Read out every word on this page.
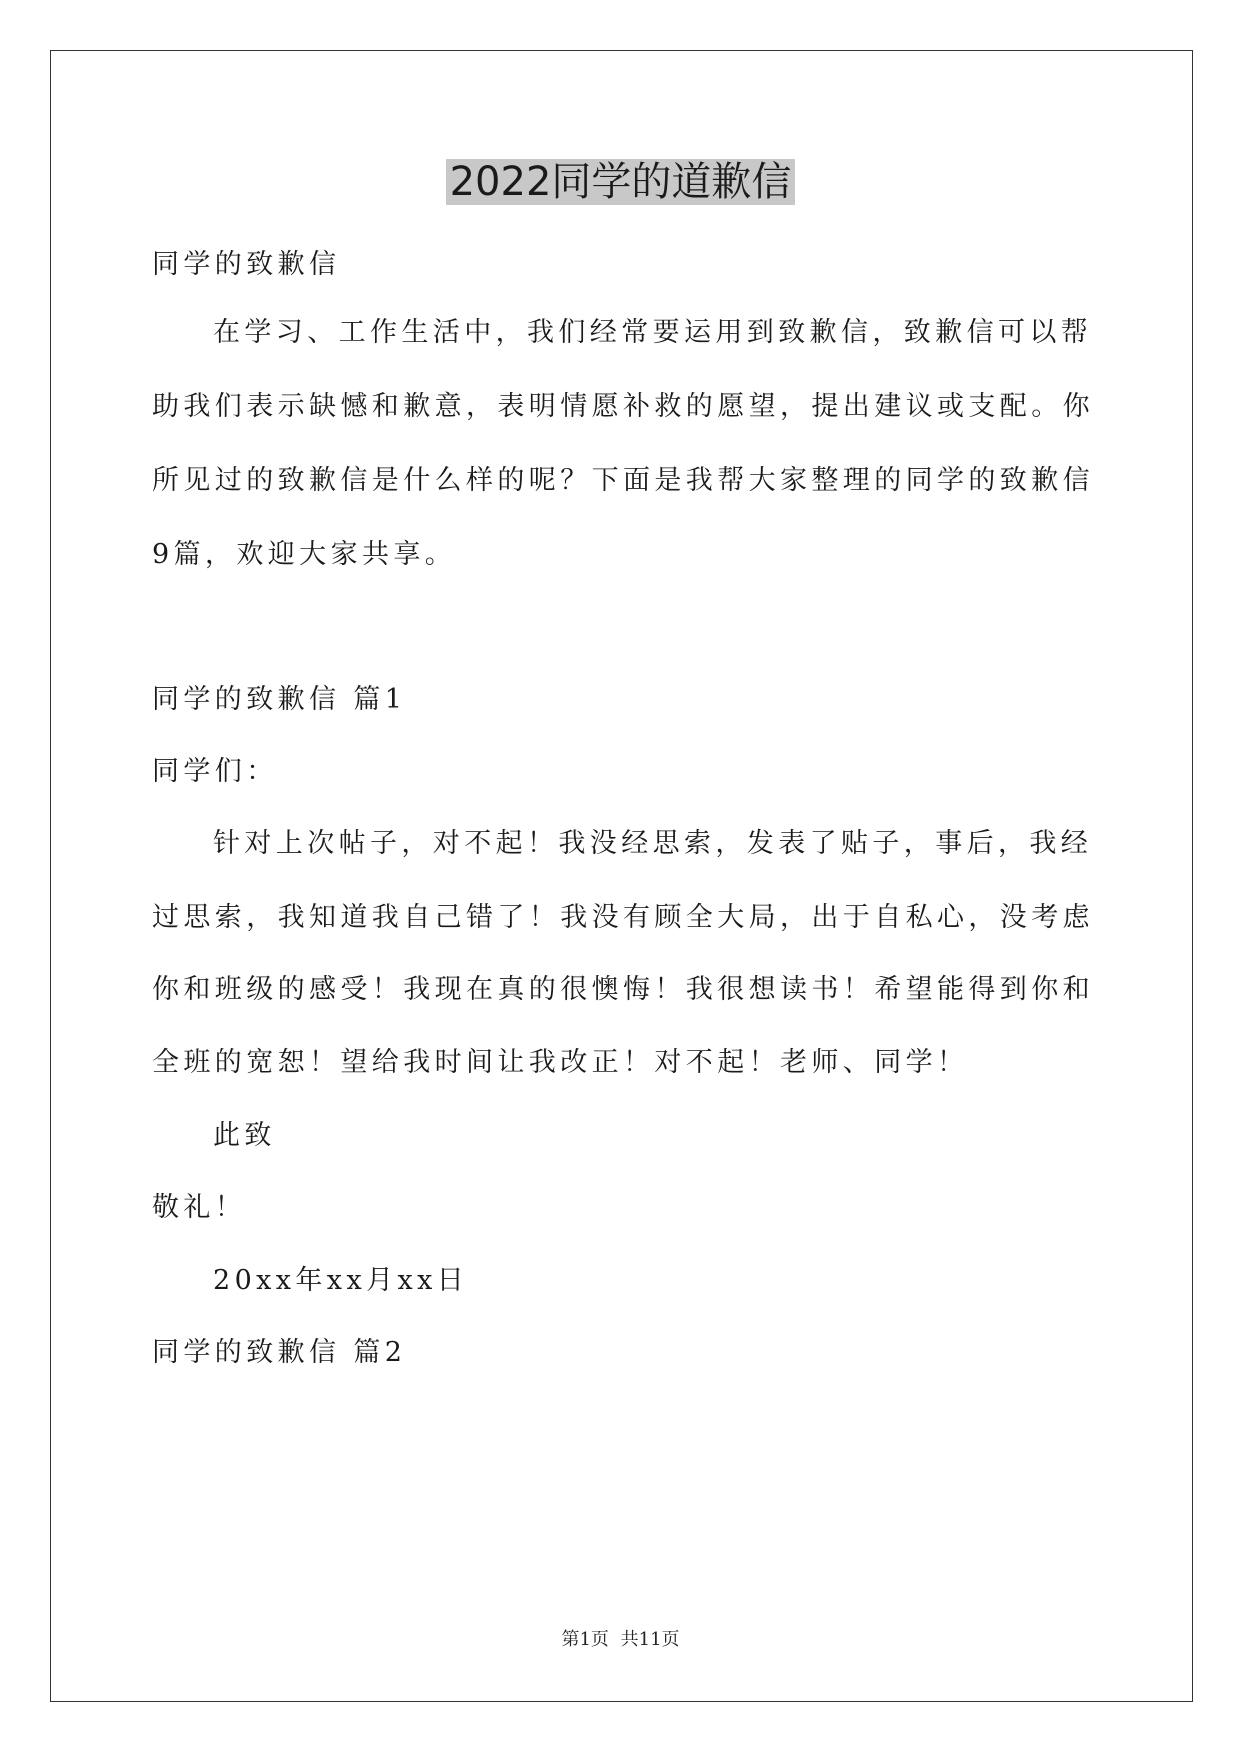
2022同学的道歉信
同学的致歉信
在学习、工作生活中，我们经常要运用到致歉信，致歉信可以帮
助我们表示缺憾和歉意，表明情愿补救的愿望，提出建议或支配。你
所见过的致歉信是什么样的呢？下面是我帮大家整理的同学的致歉信
9篇，欢迎大家共享。
同学的致歉信 篇1
同学们：
针对上次帖子，对不起！我没经思索，发表了贴子，事后，我经
过思索，我知道我自己错了！我没有顾全大局，出于自私心，没考虑
你和班级的感受！我现在真的很懊悔！我很想读书！希望能得到你和
全班的宽恕！望给我时间让我改正！对不起！老师、同学！
此致
敬礼！
20xx年xx月xx日
同学的致歉信 篇2
第1页 共11页
